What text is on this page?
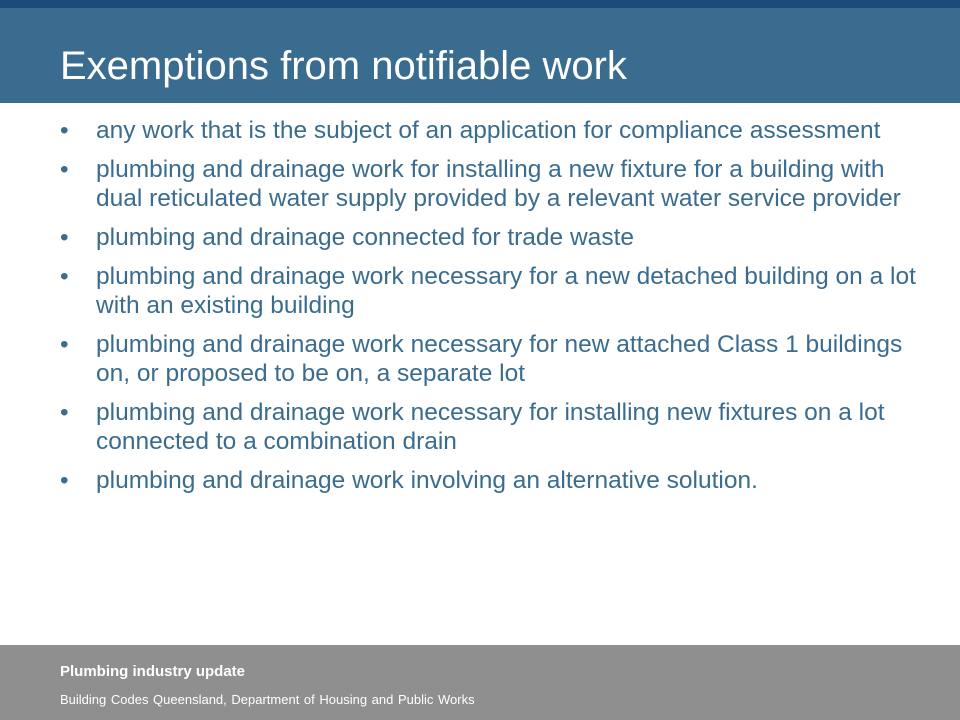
Exemptions from notifiable work
•	any work that is the subject of an application for compliance assessment
•	plumbing and drainage work for installing a new fixture for a building with dual reticulated water supply provided by a relevant water service provider
•	plumbing and drainage connected for trade waste
•	plumbing and drainage work necessary for a new detached building on a lot with an existing building
•	plumbing and drainage work necessary for new attached Class 1 buildings on, or proposed to be on, a separate lot
•	plumbing and drainage work necessary for installing new fixtures on a lot connected to a combination drain
•	plumbing and drainage work involving an alternative solution.
Plumbing industry update
Building Codes Queensland, Department of Housing and Public Works
